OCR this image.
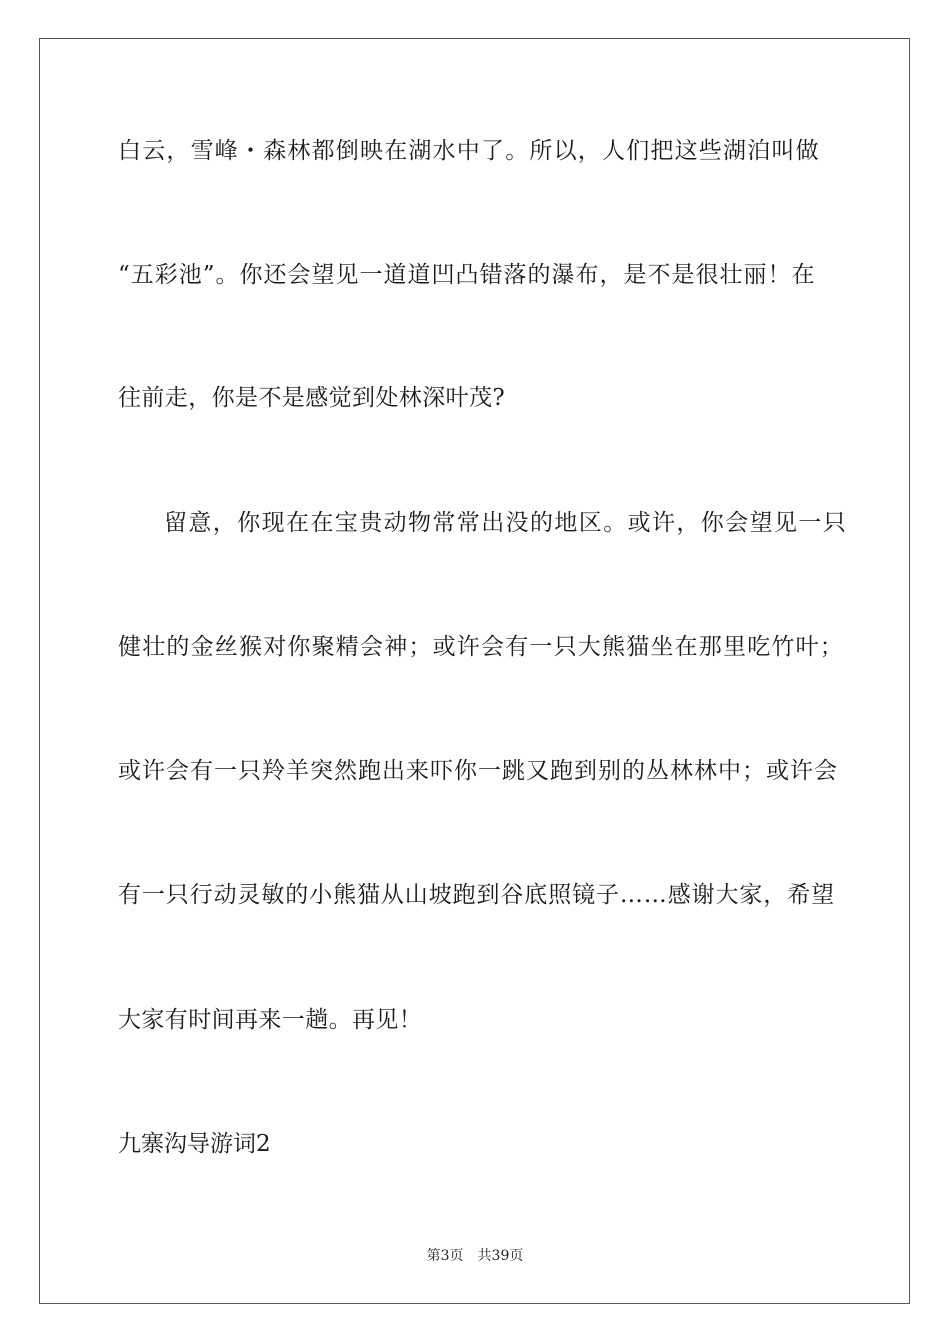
白云，雪峰・森林都倒映在湖水中了。所以，人们把这些湖泊叫做
“五彩池”。你还会望见一道道凹凸错落的瀑布，是不是很壮丽！在
往前走，你是不是感觉到处林深叶茂?
留意，你现在在宝贵动物常常出没的地区。或许，你会望见一只
健壮的金丝猴对你聚精会神；或许会有一只大熊猫坐在那里吃竹叶；
或许会有一只羚羊突然跑出来吓你一跳又跑到别的丛林林中；或许会
有一只行动灵敏的小熊猫从山坡跑到谷底照镜子……感谢大家，希望
大家有时间再来一趟。再见！
九寨沟导游词2
第3页 共39页
